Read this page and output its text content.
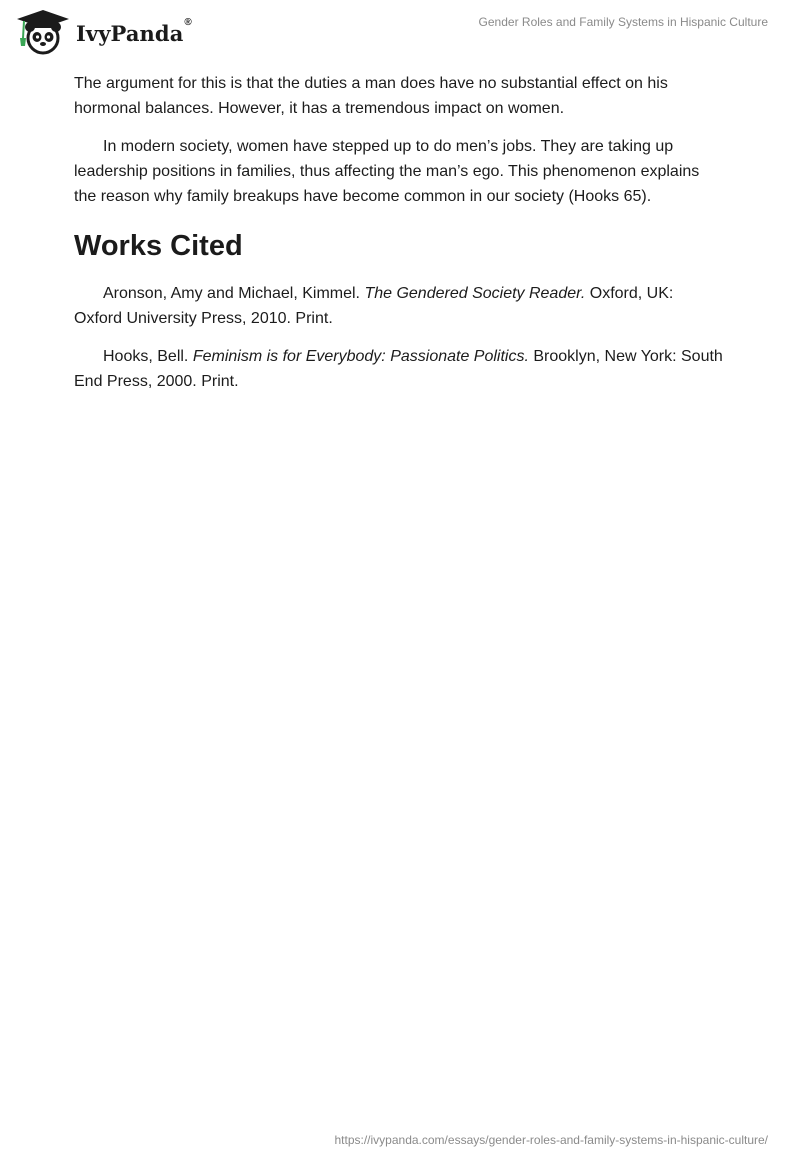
IvyPanda®	Gender Roles and Family Systems in Hispanic Culture

The argument for this is that the duties a man does have no substantial effect on his hormonal balances. However, it has a tremendous impact on women.

In modern society, women have stepped up to do men’s jobs. They are taking up leadership positions in families, thus affecting the man’s ego. This phenomenon explains the reason why family breakups have become common in our society (Hooks 65).

Works Cited

Aronson, Amy and Michael, Kimmel. The Gendered Society Reader. Oxford, UK: Oxford University Press, 2010. Print.

Hooks, Bell. Feminism is for Everybody: Passionate Politics. Brooklyn, New York: South End Press, 2000. Print.

https://ivypanda.com/essays/gender-roles-and-family-systems-in-hispanic-culture/
